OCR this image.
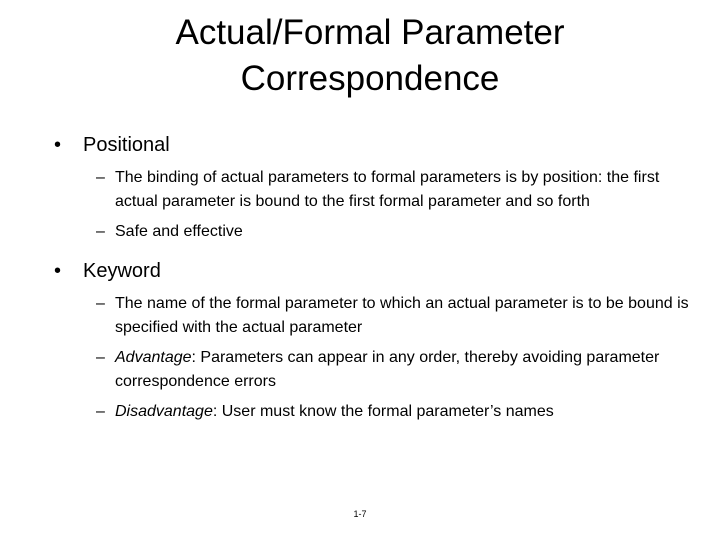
Actual/Formal Parameter
Correspondence
•	Positional
– The binding of actual parameters to formal parameters is by position: the first actual parameter is bound to the first formal parameter and so forth
– Safe and effective
•	Keyword
– The name of the formal parameter to which an actual parameter is to be bound is specified with the actual parameter
– Advantage: Parameters can appear in any order, thereby avoiding parameter correspondence errors
– Disadvantage: User must know the formal parameter’s names
1-7
